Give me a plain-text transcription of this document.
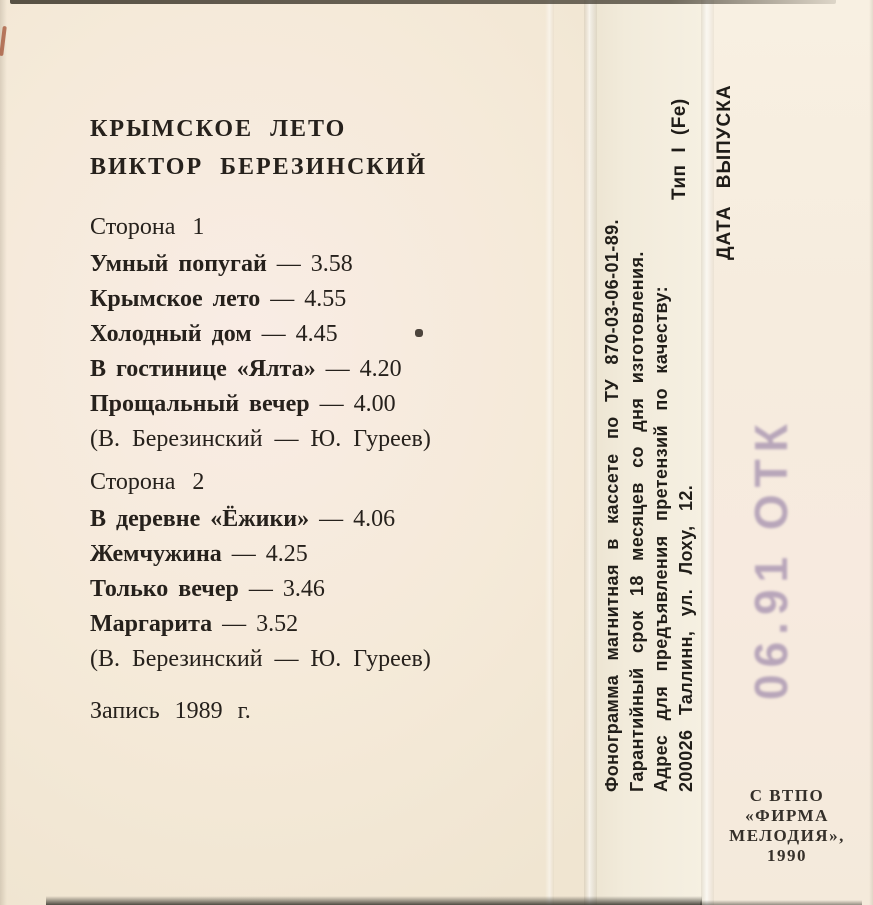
КРЫМСКОЕ ЛЕТО
ВИКТОР БЕРЕЗИНСКИЙ
Сторона 1
Умный попугай — 3.58
Крымское лето — 4.55
Холодный дом — 4.45
В гостинице «Ялта» — 4.20
Прощальный вечер — 4.00
(В. Березинский — Ю. Гуреев)
Сторона 2
В деревне «Ёжики» — 4.06
Жемчужина — 4.25
Только вечер — 3.46
Маргарита — 3.52
(В. Березинский — Ю. Гуреев)
Запись 1989 г.	Фонограмма магнитная в кассете по ТУ 870-03-06-01-89. Гарантийный срок 18 месяцев со дня изготовления. Адрес для предъявления претензий по качеству: 200026 Таллинн, ул. Лоху, 12.
Тип I (Fe) ДАТА ВЫПУСКА
06.91 ОТК
С ВТПО
«ФИРМА
МЕЛОДИЯ»,
1990
